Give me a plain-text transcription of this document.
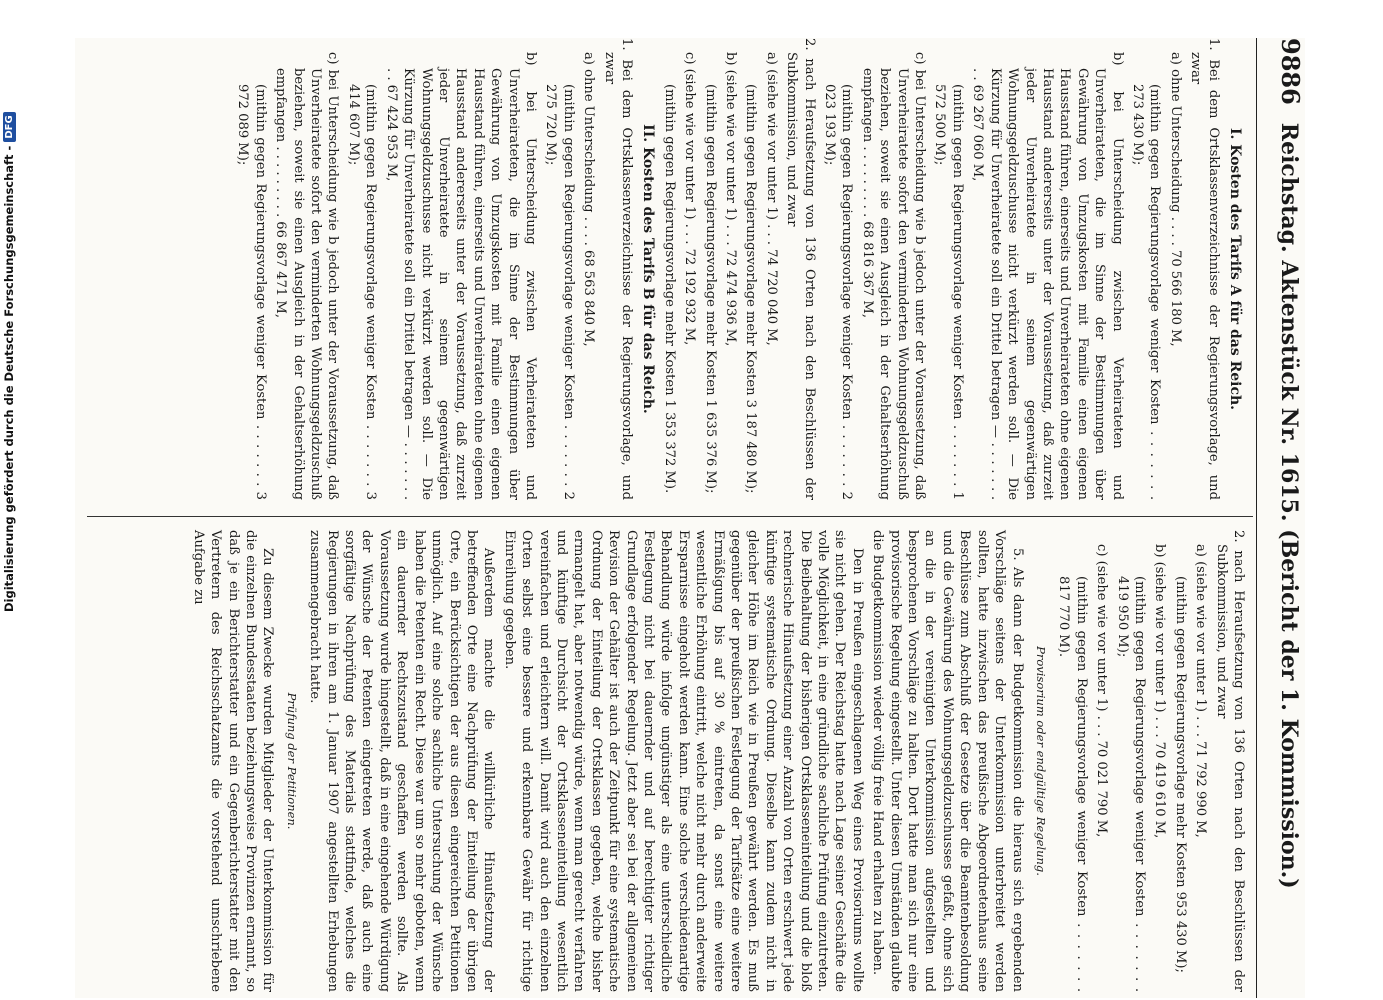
9886
Reichstag. Aktenstück Nr. 1615. (Bericht der 1. Kommission.)

I. Kosten des Tarifs A für das Reich.

1. Bei dem Ortsklassenverzeichnisse der Regierungsvorlage, und zwar

a) ohne Unterscheidung . . . . 70 566 180 M,

(mithin gegen Regierungsvorlage weniger Kosten . . . . . . . 273 430 M);

b) bei Unterscheidung zwischen Verheirateten und Unverheirateten, die im Sinne der Bestimmungen über Gewährung von Umzugskosten mit Familie einen eigenen Hausstand führen, einerseits und Unverheirateten ohne eigenen Hausstand andererseits unter der Voraussetzung, daß zurzeit jeder Unverheiratete in seinem gegenwärtigen Wohnungsgeldzuschusse nicht verkürzt werden soll. — Die Kürzung für Unverheiratete soll ein Drittel betragen — . . . . . . . . . 69 267 060 M,

(mithin gegen Regierungsvorlage weniger Kosten . . . . . . . 1 572 500 M);

c) bei Unterscheidung wie b jedoch unter der Voraussetzung, daß Unverheiratete sofort den verminderten Wohnungsgeldzuschuß beziehen, soweit sie einen Ausgleich in der Gehaltserhöhung empfangen . . . . . . . . . 68 816 367 M,

(mithin gegen Regierungsvorlage weniger Kosten . . . . . . . 2 023 193 M);

2. nach Heraufsetzung von 136 Orten nach den Beschlüssen der Subkommission, und zwar

a) (siehe wie vor unter 1) . . . 74 720 040 M,

(mithin gegen Regierungsvorlage mehr Kosten 3 187 480 M);

b) (siehe wie vor unter 1) . . . 72 474 936 M,

(mithin gegen Regierungsvorlage mehr Kosten 1 635 376 M);

c) (siehe wie vor unter 1) . . . 72 192 932 M,

(mithin gegen Regierungsvorlage mehr Kosten 1 353 372 M).

II. Kosten des Tarifs B für das Reich.

1. Bei dem Ortsklassenverzeichnisse der Regierungsvorlage, und zwar

a) ohne Unterscheidung . . . . 68 563 840 M,

(mithin gegen Regierungsvorlage weniger Kosten . . . . . . . 2 275 720 M);

b) bei Unterscheidung zwischen Verheirateten und Unverheirateten, die im Sinne der Bestimmungen über Gewährung von Umzugskosten mit Familie einen eigenen Hausstand führen, einerseits und Unverheirateten ohne eigenen Hausstand andererseits unter der Voraussetzung, daß zurzeit jeder Unverheiratete in seinem gegenwärtigen Wohnungsgeldzuschusse nicht verkürzt werden soll. — Die Kürzung für Unverheiratete soll ein Drittel betragen — . . . . . . . . . 67 424 953 M,

(mithin gegen Regierungsvorlage weniger Kosten . . . . . . . 3 414 607 M);

c) bei Unterscheidung wie b jedoch unter der Voraussetzung, daß Unverheiratete sofort den verminderten Wohnungsgeldzuschuß beziehen, soweit sie einen Ausgleich in der Gehaltserhöhung empfangen . . . . . . . . . 66 867 471 M,

(mithin gegen Regierungsvorlage weniger Kosten . . . . . . . 3 972 089 M);

2. nach Heraufsetzung von 136 Orten nach den Beschlüssen der Subkommission, und zwar

a) (siehe wie vor unter 1) . . . 71 792 990 M,

(mithin gegen Regierungsvorlage mehr Kosten 953 430 M);

b) (siehe wie vor unter 1) . . . 70 419 610 M,

(mithin gegen Regierungsvorlage weniger Kosten . . . . . . . 419 950 M);

c) (siehe wie vor unter 1) . . . 70 021 790 M,

(mithin gegen Regierungsvorlage weniger Kosten . . . . . . . 817 770 M).

Provisorium oder endgültige Regelung.

5. Als dann der Budgetkommission die hieraus sich ergebenden Vorschläge seitens der Unterkommission unterbreitet werden sollten, hatte inzwischen das preußische Abgeordnetenhaus seine Beschlüsse zum Abschluß der Gesetze über die Beamtenbesoldung und die Gewährung des Wohnungsgeldzuschusses gefaßt, ohne sich an die in der vereinigten Unterkommission aufgestellten und besprochenen Vorschläge zu halten. Dort hatte man sich nur eine provisorische Regelung eingestellt. Unter diesen Umständen glaubte die Budgetkommission wieder völlig freie Hand erhalten zu haben.

Den in Preußen eingeschlagenen Weg eines Provisoriums wollte sie nicht gehen. Der Reichstag hatte nach Lage seiner Geschäfte die volle Möglichkeit, in eine gründliche sachliche Prüfung einzutreten. Die Beibehaltung der bisherigen Ortsklasseneinteilung und die bloß rechnerische Hinaufsetzung einer Anzahl von Orten erschwert jede künftige systematische Ordnung. Dieselbe kann zudem nicht in gleicher Höhe im Reich wie in Preußen gewährt werden. Es muß gegenüber der preußischen Festlegung der Tarifsätze eine weitere Ermäßigung bis auf 30 % eintreten, da sonst eine weitere wesentliche Erhöhung eintritt, welche nicht mehr durch anderweite Ersparnisse eingeholt werden kann. Eine solche verschiedenartige Behandlung würde infolge ungünstiger als eine unterschiedliche Festlegung nicht bei dauernder und auf berechtigter richtiger Grundlage erfolgender Regelung. Jetzt aber sei bei der allgemeinen Revision der Gehälter ist auch der Zeitpunkt für eine systematische Ordnung der Einteilung der Ortsklassen gegeben, welche bisher ermangelt hat, aber notwendig würde, wenn man gerecht verfahren und künftige Durchsicht der Ortsklasseneinteilung wesentlich vereinfachen und erleichtern will. Damit wird auch den einzelnen Orten selbst eine bessere und erkennbare Gewähr für richtige Einreihung gegeben.

Außerdem machte die willkürliche Hinaufsetzung der betreffenden Orte eine Nachprüfung der Einteilung der übrigen Orte, ein Berücksichtigen der aus diesen eingereichten Petitionen unmöglich. Auf eine solche sachliche Untersuchung der Wünsche haben die Petenten ein Recht. Diese war um so mehr geboten, wenn ein dauernder Rechtszustand geschaffen werden sollte. Als Voraussetzung wurde hingestellt, daß in eine eingehende Würdigung der Wünsche der Petenten eingetreten werde, daß auch eine sorgfältige Nachprüfung des Materials stattfinde, welches die Regierungen in ihren am 1. Januar 1907 angestellten Erhebungen zusammengebracht hatte.

Prüfung der Petitionen.

Zu diesem Zwecke wurden Mitglieder der Unterkommission für die einzelnen Bundesstaaten beziehungsweise Provinzen ernannt, so daß je ein Berichterstatter und ein Gegenberichterstatter mit den Vertretern des Reichsschatzamts die vorstehend umschriebene Aufgabe zu

Digitalisierung gefördert durch die Deutsche Forschungsgemeinschaft -
DFG
